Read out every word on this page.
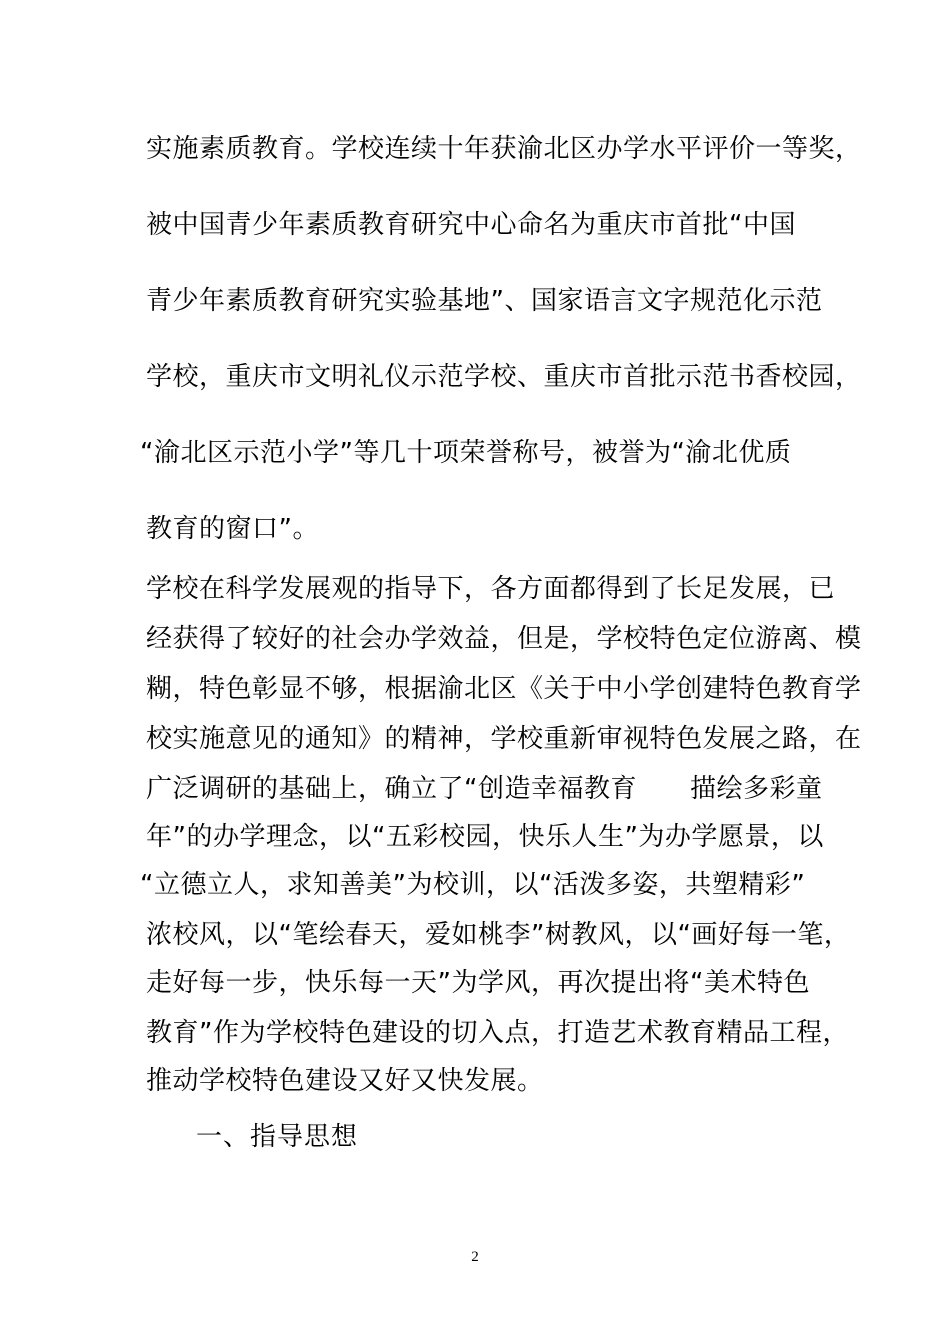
实施素质教育。学校连续十年获渝北区办学水平评价一等奖，
被中国青少年素质教育研究中心命名为重庆市首批“中国
青少年素质教育研究实验基地”、国家语言文字规范化示范
学校，重庆市文明礼仪示范学校、重庆市首批示范书香校园，
“渝北区示范小学”等几十项荣誉称号，被誉为“渝北优质
教育的窗口”。
学校在科学发展观的指导下，各方面都得到了长足发展，已
经获得了较好的社会办学效益，但是，学校特色定位游离、模
糊，特色彰显不够，根据渝北区《关于中小学创建特色教育学
校实施意见的通知》的精神，学校重新审视特色发展之路，在
广泛调研的基础上，确立了“创造幸福教育　　描绘多彩童
年”的办学理念，以“五彩校园，快乐人生”为办学愿景，以
“立德立人，求知善美”为校训，以“活泼多姿，共塑精彩”
浓校风，以“笔绘春天，爱如桃李”树教风，以“画好每一笔，
走好每一步，快乐每一天”为学风，再次提出将“美术特色
教育”作为学校特色建设的切入点，打造艺术教育精品工程，
推动学校特色建设又好又快发展。
一、指导思想
2
